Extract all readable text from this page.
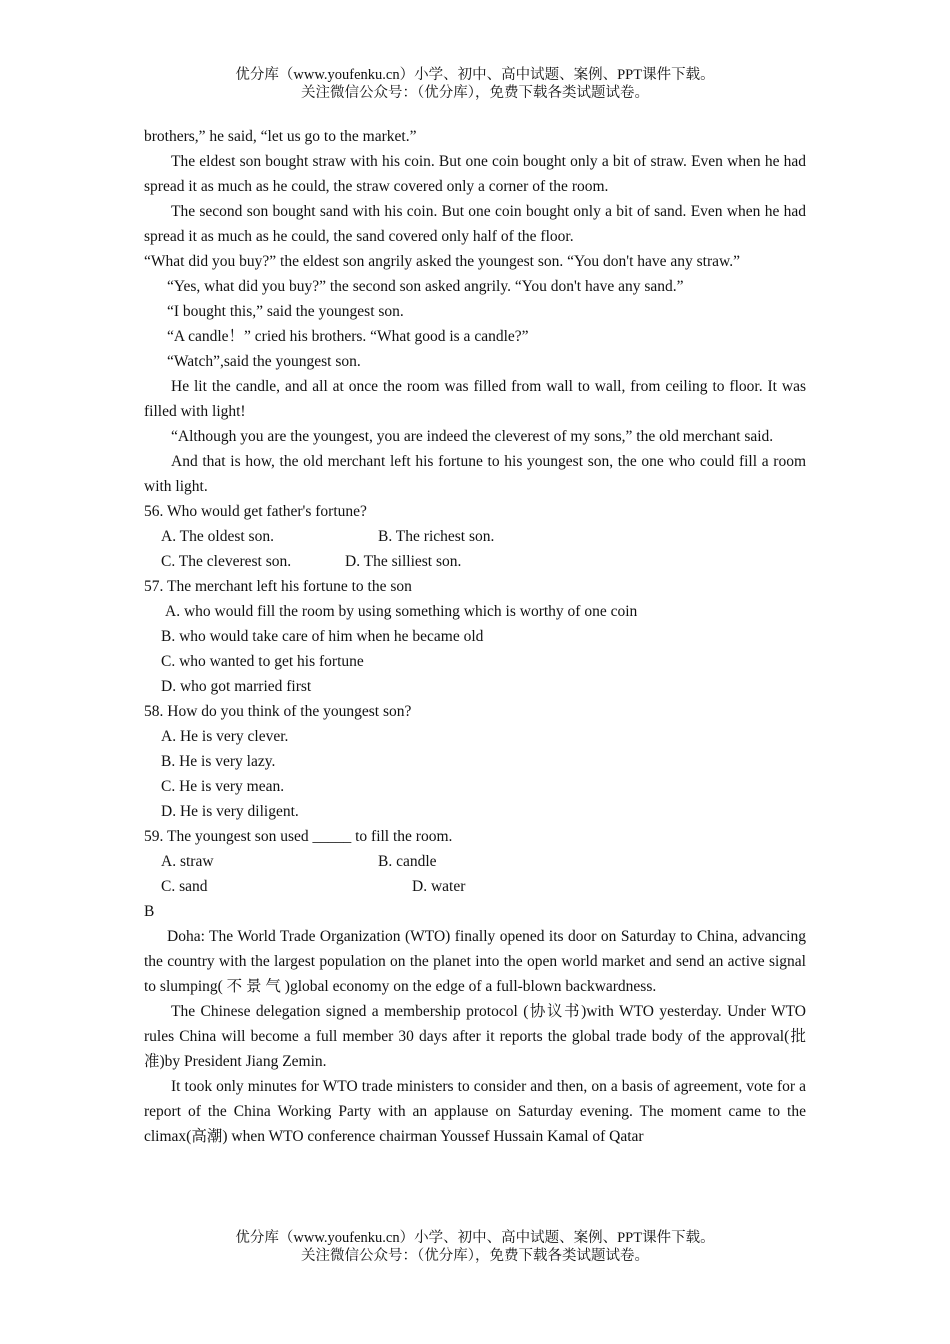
优分库（www.youfenku.cn）小学、初中、高中试题、案例、PPT课件下载。
关注微信公众号：（优分库），免费下载各类试题试卷。

brothers,” he said, “let us go to the market.”

The eldest son bought straw with his coin. But one coin bought only a bit of straw. Even when he had spread it as much as he could, the straw covered only a corner of the room.

The second son bought sand with his coin. But one coin bought only a bit of sand. Even when he had spread it as much as he could, the sand covered only half of the floor.

“What did you buy?” the eldest son angrily asked the youngest son. “You don't have any straw.”

“Yes, what did you buy?” the second son asked angrily. “You don't have any sand.”

“I bought this,” said the youngest son.

“A candle！” cried his brothers. “What good is a candle?”

“Watch”,said the youngest son.

He lit the candle, and all at once the room was filled from wall to wall, from ceiling to floor. It was filled with light!

“Although you are the youngest, you are indeed the cleverest of my sons,” the old merchant said.

And that is how, the old merchant left his fortune to his youngest son, the one who could fill a room with light.

56. Who would get father's fortune?

A. The oldest son.	B. The richest son.
C. The cleverest son.	D. The silliest son.

57. The merchant left his fortune to the son

A. who would fill the room by using something which is worthy of one coin

B. who would take care of him when he became old

C. who wanted to get his fortune

D. who got married first

58. How do you think of the youngest son?

A. He is very clever.

B. He is very lazy.

C. He is very mean.

D. He is very diligent.

59. The youngest son used _____ to fill the room.

A. straw	B. candle
C. sand	D. water

B

Doha: The World Trade Organization (WTO) finally opened its door on Saturday to China, advancing the country with the largest population on the planet into the open world market and send an active signal to slumping( 不 景 气 )global economy on the edge of a full-blown backwardness.

The Chinese delegation signed a membership protocol (协议书)with WTO yesterday. Under WTO rules China will become a full member 30 days after it reports the global trade body of the approval(批准)by President Jiang Zemin.

It took only minutes for WTO trade ministers to consider and then, on a basis of agreement, vote for a report of the China Working Party with an applause on Saturday evening. The moment came to the climax(高潮) when WTO conference chairman Youssef Hussain Kamal of Qatar

优分库（www.youfenku.cn）小学、初中、高中试题、案例、PPT课件下载。
关注微信公众号：（优分库），免费下载各类试题试卷。
